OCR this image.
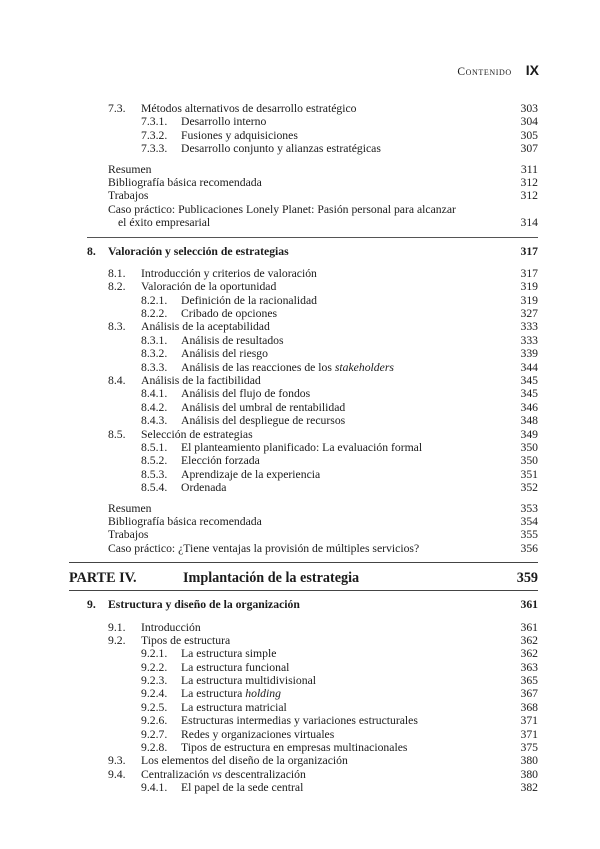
Contenido IX
7.3. Métodos alternativos de desarrollo estratégico	303
7.3.1. Desarrollo interno	304
7.3.2. Fusiones y adquisiciones	305
7.3.3. Desarrollo conjunto y alianzas estratégicas	307
Resumen	311
Bibliografía básica recomendada	312
Trabajos	312
Caso práctico: Publicaciones Lonely Planet: Pasión personal para alcanzar
el éxito empresarial	314
8. Valoración y selección de estrategias	317
8.1. Introducción y criterios de valoración	317
8.2. Valoración de la oportunidad	319
8.2.1. Definición de la racionalidad	319
8.2.2. Cribado de opciones	327
8.3. Análisis de la aceptabilidad	333
8.3.1. Análisis de resultados	333
8.3.2. Análisis del riesgo	339
8.3.3. Análisis de las reacciones de los stakeholders	344
8.4. Análisis de la factibilidad	345
8.4.1. Análisis del flujo de fondos	345
8.4.2. Análisis del umbral de rentabilidad	346
8.4.3. Análisis del despliegue de recursos	348
8.5. Selección de estrategias	349
8.5.1. El planteamiento planificado: La evaluación formal	350
8.5.2. Elección forzada	350
8.5.3. Aprendizaje de la experiencia	351
8.5.4. Ordenada	352
Resumen	353
Bibliografía básica recomendada	354
Trabajos	355
Caso práctico: ¿Tiene ventajas la provisión de múltiples servicios?	356
PARTE IV.	Implantación de la estrategia	359
9. Estructura y diseño de la organización	361
9.1. Introducción	361
9.2. Tipos de estructura	362
9.2.1. La estructura simple	362
9.2.2. La estructura funcional	363
9.2.3. La estructura multidivisional	365
9.2.4. La estructura holding	367
9.2.5. La estructura matricial	368
9.2.6. Estructuras intermedias y variaciones estructurales	371
9.2.7. Redes y organizaciones virtuales	371
9.2.8. Tipos de estructura en empresas multinacionales	375
9.3. Los elementos del diseño de la organización	380
9.4. Centralización vs descentralización	380
9.4.1. El papel de la sede central	382
